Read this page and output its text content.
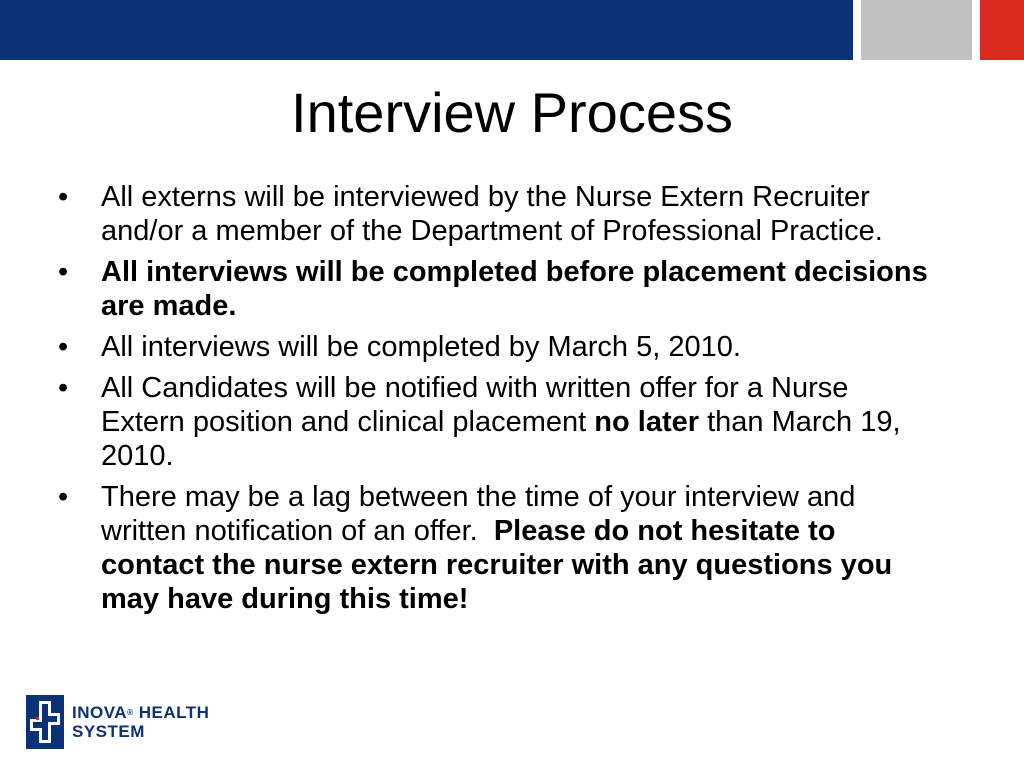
Interview Process
•	All externs will be interviewed by the Nurse Extern Recruiter and/or a member of the Department of Professional Practice.
•	All interviews will be completed before placement decisions are made.
•	All interviews will be completed by March 5, 2010.
•	All Candidates will be notified with written offer for a Nurse Extern position and clinical placement no later than March 19, 2010.
•	There may be a lag between the time of your interview and written notification of an offer.  Please do not hesitate to contact the nurse extern recruiter with any questions you may have during this time!
INOVA® HEALTH
SYSTEM
